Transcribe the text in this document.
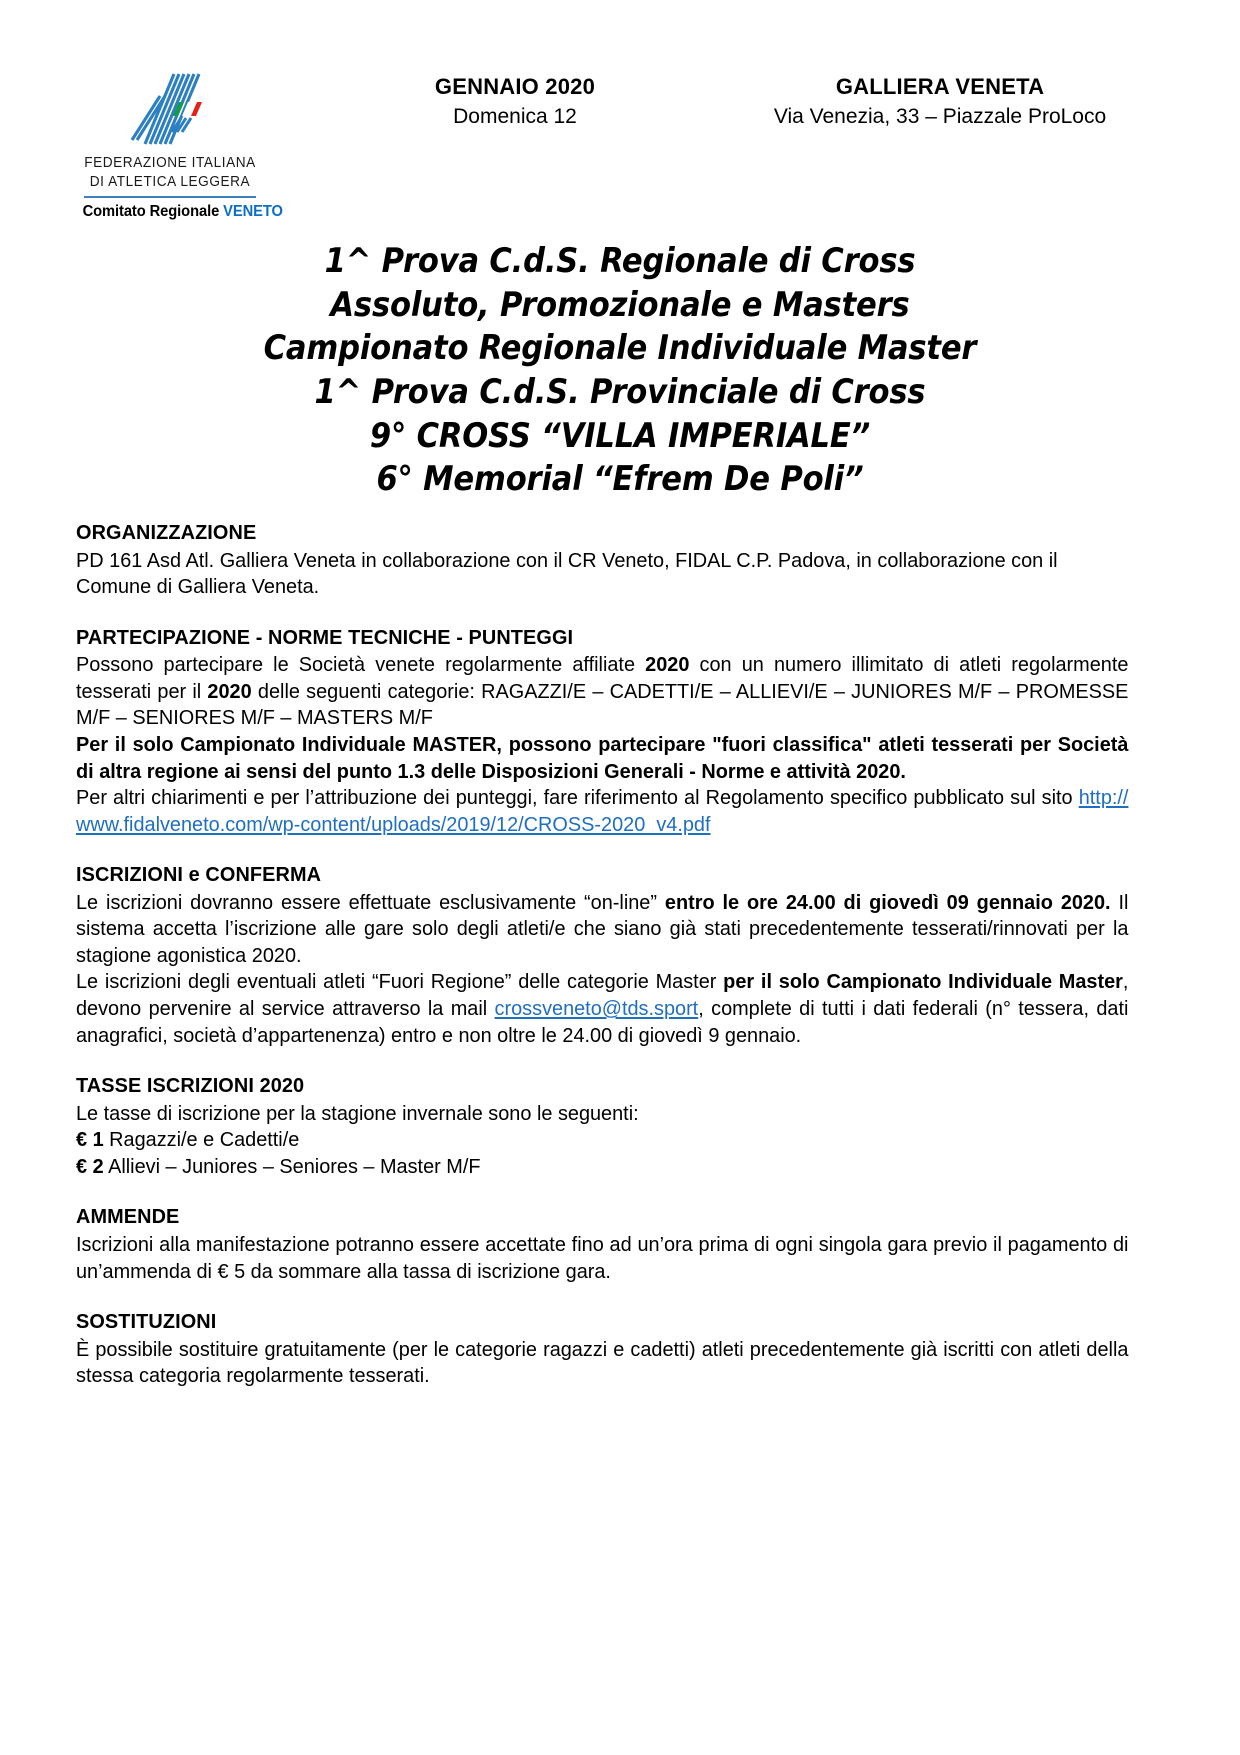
FEDERAZIONE ITALIANA
DI ATLETICA LEGGERA
Comitato Regionale VENETO
GENNAIO 2020
Domenica 12
GALLIERA VENETA
Via Venezia, 33 – Piazzale ProLoco
1^ Prova C.d.S. Regionale di Cross
Assoluto, Promozionale e Masters
Campionato Regionale Individuale Master
1^ Prova C.d.S. Provinciale di Cross
9° CROSS “VILLA IMPERIALE”
6° Memorial “Efrem De Poli”
ORGANIZZAZIONE

PD 161 Asd Atl. Galliera Veneta in collaborazione con il CR Veneto, FIDAL C.P. Padova, in collaborazione con il Comune di Galliera Veneta.

PARTECIPAZIONE - NORME TECNICHE - PUNTEGGI

Possono partecipare le Società venete regolarmente affiliate 2020 con un numero illimitato di atleti regolarmente tesserati per il 2020 delle seguenti categorie: RAGAZZI/E – CADETTI/E – ALLIEVI/E – JUNIORES M/F – PROMESSE M/F – SENIORES M/F – MASTERS M/F

Per il solo Campionato Individuale MASTER, possono partecipare "fuori classifica" atleti tesserati per Società di altra regione ai sensi del punto 1.3 delle Disposizioni Generali - Norme e attività 2020.

Per altri chiarimenti e per l’attribuzione dei punteggi, fare riferimento al Regolamento specifico pubblicato sul sito http://www.fidalveneto.com/wp-content/uploads/2019/12/CROSS-2020_v4.pdf

ISCRIZIONI e CONFERMA

Le iscrizioni dovranno essere effettuate esclusivamente “on-line” entro le ore 24.00 di giovedì 09 gennaio 2020. Il sistema accetta l’iscrizione alle gare solo degli atleti/e che siano già stati precedentemente tesserati/rinnovati per la stagione agonistica 2020.

Le iscrizioni degli eventuali atleti “Fuori Regione” delle categorie Master per il solo Campionato Individuale Master, devono pervenire al service attraverso la mail crossveneto@tds.sport, complete di tutti i dati federali (n° tessera, dati anagrafici, società d’appartenenza) entro e non oltre le 24.00 di giovedì 9 gennaio.

TASSE ISCRIZIONI 2020

Le tasse di iscrizione per la stagione invernale sono le seguenti:

€ 1 Ragazzi/e e Cadetti/e

€ 2 Allievi – Juniores – Seniores – Master M/F

AMMENDE

Iscrizioni alla manifestazione potranno essere accettate fino ad un’ora prima di ogni singola gara previo il pagamento di un’ammenda di € 5 da sommare alla tassa di iscrizione gara.

SOSTITUZIONI

È possibile sostituire gratuitamente (per le categorie ragazzi e cadetti) atleti precedentemente già iscritti con atleti della stessa categoria regolarmente tesserati.
